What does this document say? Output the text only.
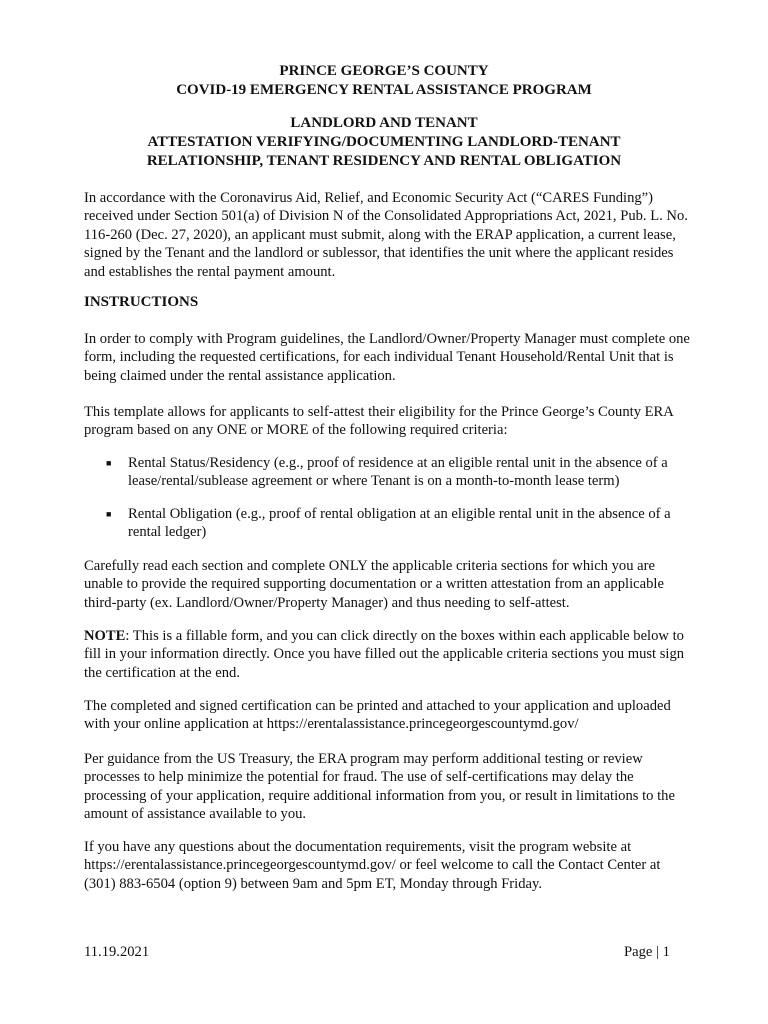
PRINCE GEORGE’S COUNTY
COVID-19 EMERGENCY RENTAL ASSISTANCE PROGRAM
LANDLORD AND TENANT
ATTESTATION VERIFYING/DOCUMENTING LANDLORD-TENANT
RELATIONSHIP, TENANT RESIDENCY AND RENTAL OBLIGATION
In accordance with the Coronavirus Aid, Relief, and Economic Security Act (“CARES Funding”) received under Section 501(a) of Division N of the Consolidated Appropriations Act, 2021, Pub. L. No. 116-260 (Dec. 27, 2020), an applicant must submit, along with the ERAP application, a current lease, signed by the Tenant and the landlord or sublessor, that identifies the unit where the applicant resides and establishes the rental payment amount.
INSTRUCTIONS
In order to comply with Program guidelines, the Landlord/Owner/Property Manager must complete one form, including the requested certifications, for each individual Tenant Household/Rental Unit that is being claimed under the rental assistance application.
This template allows for applicants to self-attest their eligibility for the Prince George’s County ERA program based on any ONE or MORE of the following required criteria:
■ Rental Status/Residency (e.g., proof of residence at an eligible rental unit in the absence of a lease/rental/sublease agreement or where Tenant is on a month-to-month lease term)
■ Rental Obligation (e.g., proof of rental obligation at an eligible rental unit in the absence of a rental ledger)
Carefully read each section and complete ONLY the applicable criteria sections for which you are unable to provide the required supporting documentation or a written attestation from an applicable third-party (ex. Landlord/Owner/Property Manager) and thus needing to self-attest.
NOTE: This is a fillable form, and you can click directly on the boxes within each applicable below to fill in your information directly. Once you have filled out the applicable criteria sections you must sign the certification at the end.
The completed and signed certification can be printed and attached to your application and uploaded with your online application at https://erentalassistance.princegeorgescountymd.gov/
Per guidance from the US Treasury, the ERA program may perform additional testing or review processes to help minimize the potential for fraud. The use of self-certifications may delay the processing of your application, require additional information from you, or result in limitations to the amount of assistance available to you.
If you have any questions about the documentation requirements, visit the program website at https://erentalassistance.princegeorgescountymd.gov/ or feel welcome to call the Contact Center at (301) 883-6504 (option 9) between 9am and 5pm ET, Monday through Friday.
11.19.2021	Page | 1
